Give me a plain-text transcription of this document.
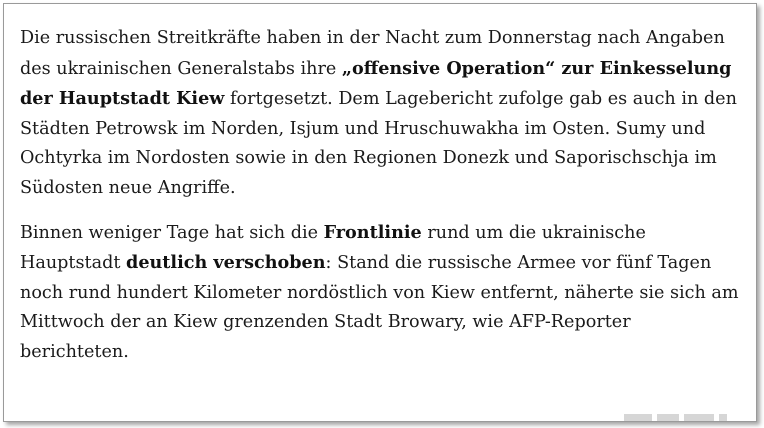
Die russischen Streitkräfte haben in der Nacht zum Donnerstag nach Angaben des ukrainischen Generalstabs ihre „offensive Operation“ zur Einkesselung der Hauptstadt Kiew fortgesetzt. Dem Lagebericht zufolge gab es auch in den Städten Petrowsk im Norden, Isjum und Hruschuwakha im Osten. Sumy und Ochtyrka im Nordosten sowie in den Regionen Donezk und Saporischschja im Südosten neue Angriffe.

Binnen weniger Tage hat sich die Frontlinie rund um die ukrainische Hauptstadt deutlich verschoben: Stand die russische Armee vor fünf Tagen noch rund hundert Kilometer nordöstlich von Kiew entfernt, näherte sie sich am Mittwoch der an Kiew grenzenden Stadt Browary, wie AFP-Reporter berichteten.
